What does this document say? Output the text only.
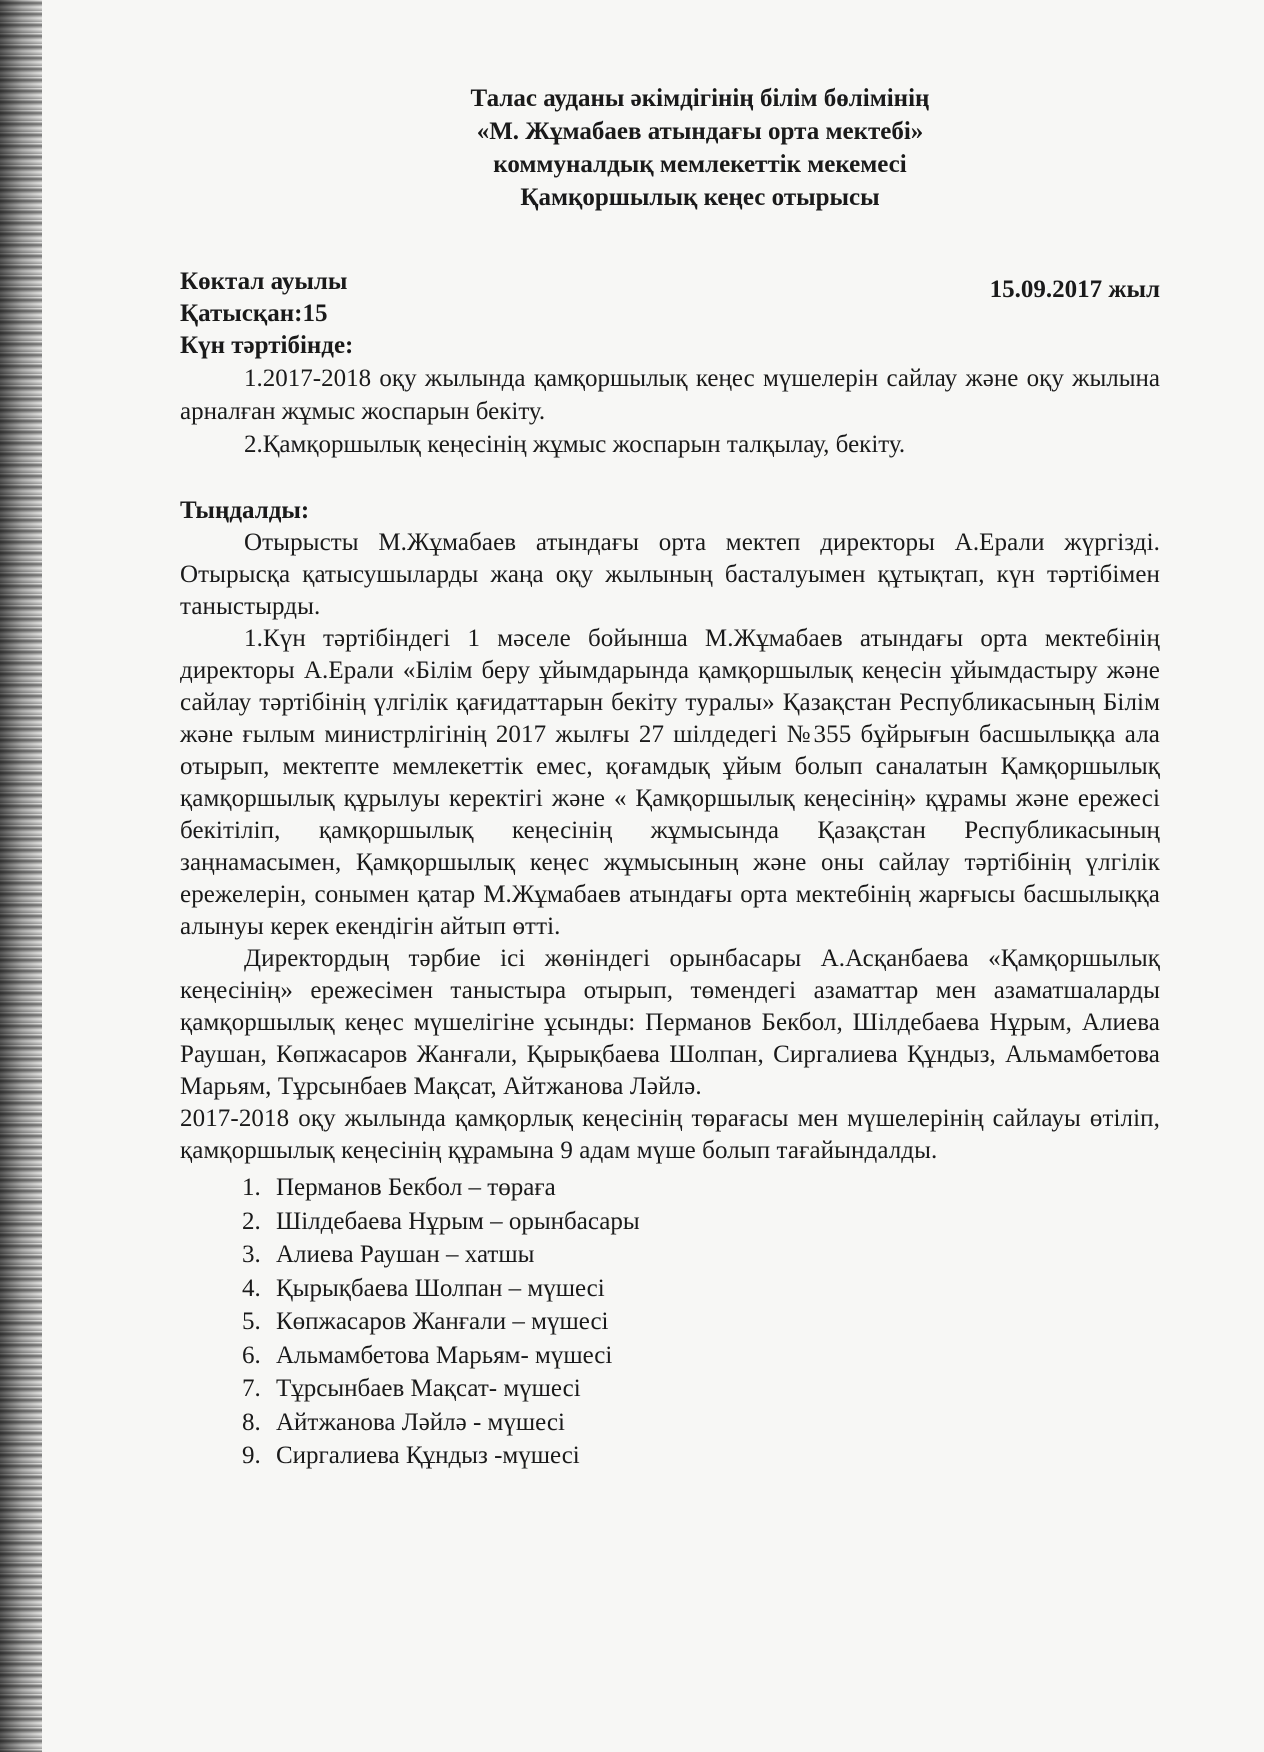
Талас ауданы әкімдігінің білім бөлімінің
«М. Жұмабаев атындағы орта мектебі»
коммуналдық мемлекеттік мекемесі
Қамқоршылық кеңес отырысы
Көктал ауылы	15.09.2017 жыл
Қатысқан:15
Күн тәртібінде:
1.2017-2018 оқу жылында қамқоршылық кеңес мүшелерін сайлау және оқу жылына арналған жұмыс жоспарын бекіту.
2.Қамқоршылық кеңесінің жұмыс жоспарын талқылау, бекіту.
Тыңдалды:

Отырысты М.Жұмабаев атындағы орта мектеп директоры А.Ерали жүргізді. Отырысқа қатысушыларды жаңа оқу жылының басталуымен құтықтап, күн тәртібімен таныстырды.

1.Күн тәртібіндегі 1 мәселе бойынша М.Жұмабаев атындағы орта мектебінің директоры А.Ерали «Білім беру ұйымдарында қамқоршылық кеңесін ұйымдастыру және сайлау тәртібінің үлгілік қағидаттарын бекіту туралы» Қазақстан Республикасының Білім және ғылым министрлігінің 2017 жылғы 27 шілдедегі №355 бұйрығын басшылыққа ала отырып, мектепте мемлекеттік емес, қоғамдық ұйым болып саналатын Қамқоршылық қамқоршылық құрылуы керектігі және « Қамқоршылық кеңесінің» құрамы және ережесі бекітіліп, қамқоршылық кеңесінің жұмысында Қазақстан Республикасының заңнамасымен, Қамқоршылық кеңес жұмысының және оны сайлау тәртібінің үлгілік ережелерін, сонымен қатар М.Жұмабаев атындағы орта мектебінің жарғысы басшылыққа алынуы керек екендігін айтып өтті.

Директордың тәрбие ісі жөніндегі орынбасары А.Асқанбаева «Қамқоршылық кеңесінің» ережесімен таныстыра отырып, төмендегі азаматтар мен азаматшаларды қамқоршылық кеңес мүшелігіне ұсынды: Перманов Бекбол, Шілдебаева Нұрым, Алиева Раушан, Көпжасаров Жанғали, Қырықбаева Шолпан, Сиргалиева Құндыз, Альмамбетова Марьям, Тұрсынбаев Мақсат, Айтжанова Ләйлә.

2017-2018 оқу жылында қамқорлық кеңесінің төрағасы мен мүшелерінің сайлауы өтіліп, қамқоршылық кеңесінің құрамына 9 адам мүше болып тағайындалды.

1. Перманов Бекбол – төраға
2. Шілдебаева Нұрым – орынбасары
3. Алиева Раушан – хатшы
4. Қырықбаева Шолпан – мүшесі
5. Көпжасаров Жанғали – мүшесі
6. Альмамбетова Марьям- мүшесі
7. Тұрсынбаев Мақсат- мүшесі
8. Айтжанова Ләйлә - мүшесі
9. Сиргалиева Құндыз -мүшесі
